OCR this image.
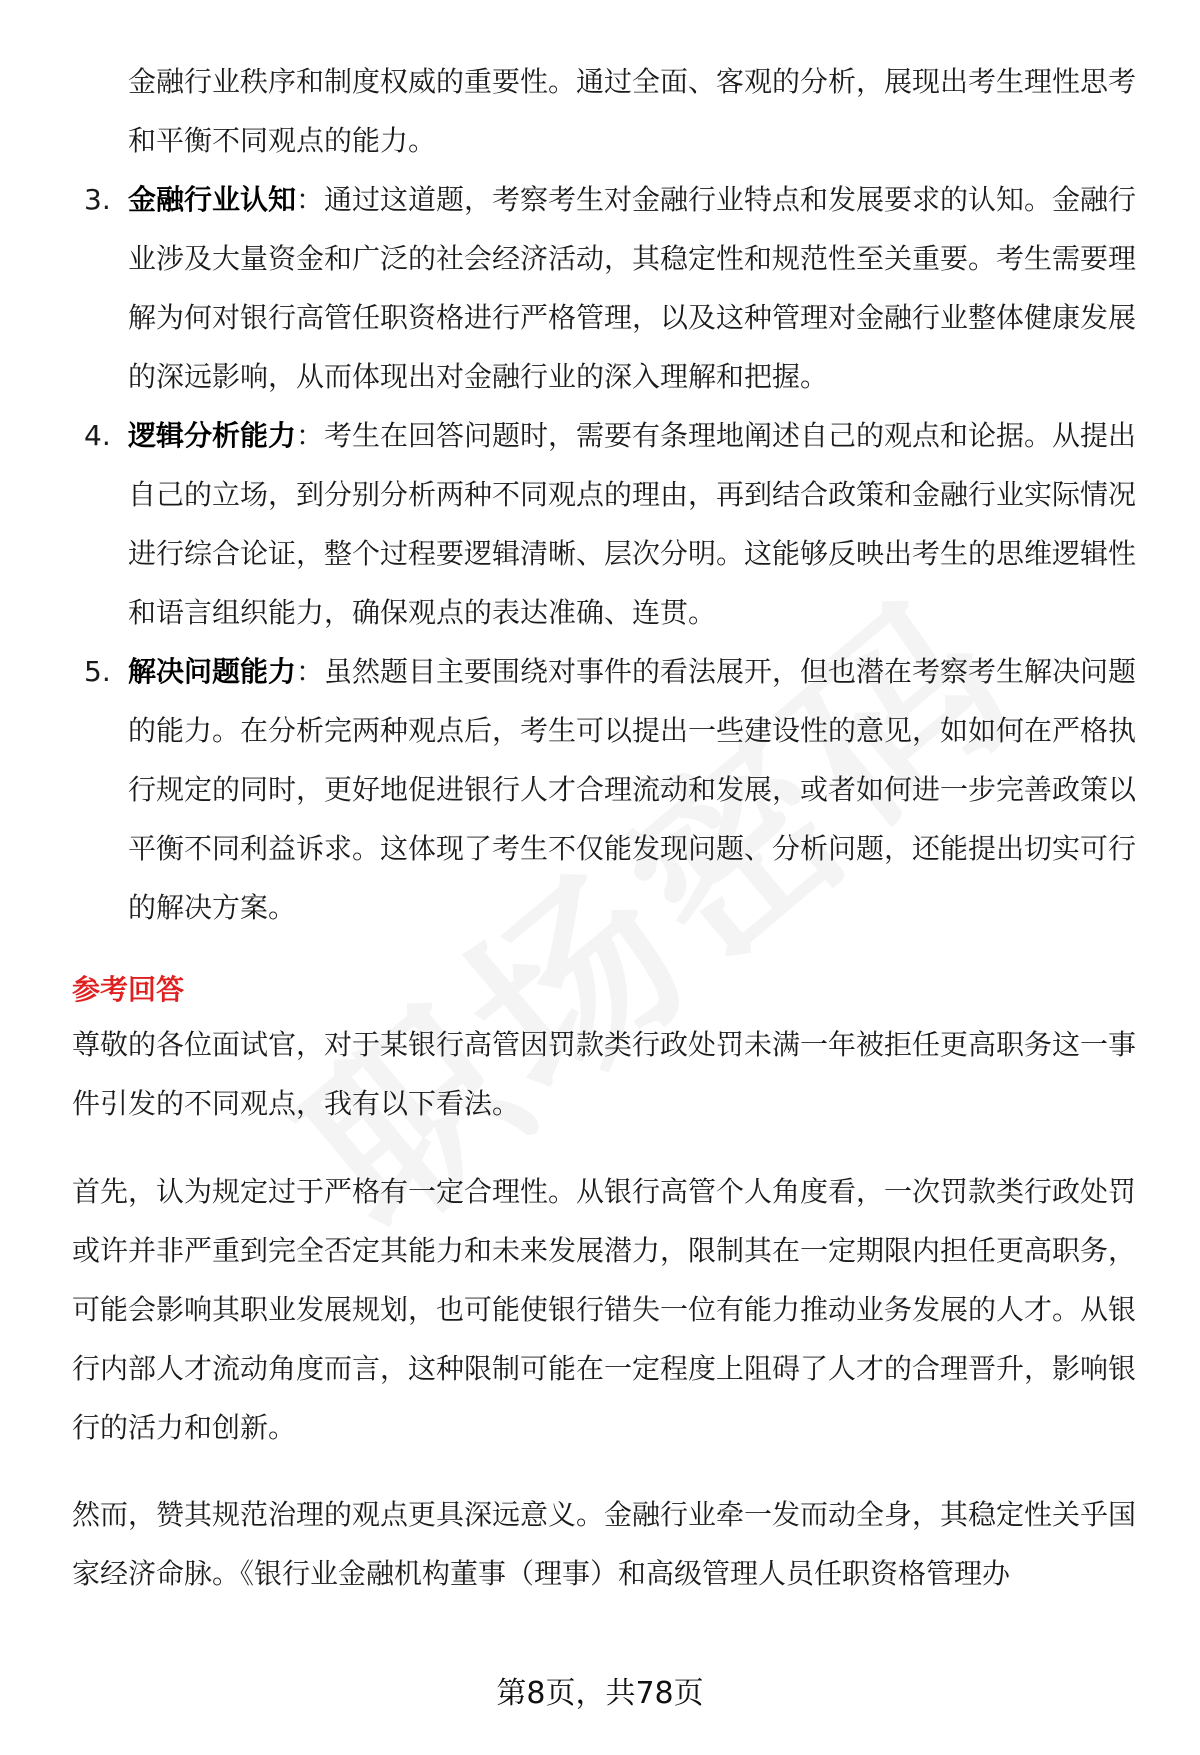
金融行业秩序和制度权威的重要性。通过全面、客观的分析，展现出考生理性思考和平衡不同观点的能力。

3. 金融行业认知：通过这道题，考察考生对金融行业特点和发展要求的认知。金融行业涉及大量资金和广泛的社会经济活动，其稳定性和规范性至关重要。考生需要理解为何对银行高管任职资格进行严格管理，以及这种管理对金融行业整体健康发展的深远影响，从而体现出对金融行业的深入理解和把握。
4. 逻辑分析能力：考生在回答问题时，需要有条理地阐述自己的观点和论据。从提出自己的立场，到分别分析两种不同观点的理由，再到结合政策和金融行业实际情况进行综合论证，整个过程要逻辑清晰、层次分明。这能够反映出考生的思维逻辑性和语言组织能力，确保观点的表达准确、连贯。
5. 解决问题能力：虽然题目主要围绕对事件的看法展开，但也潜在考察考生解决问题的能力。在分析完两种观点后，考生可以提出一些建设性的意见，如如何在严格执行规定的同时，更好地促进银行人才合理流动和发展，或者如何进一步完善政策以平衡不同利益诉求。这体现了考生不仅能发现问题、分析问题，还能提出切实可行的解决方案。
参考回答

尊敬的各位面试官，对于某银行高管因罚款类行政处罚未满一年被拒任更高职务这一事件引发的不同观点，我有以下看法。

首先，认为规定过于严格有一定合理性。从银行高管个人角度看，一次罚款类行政处罚或许并非严重到完全否定其能力和未来发展潜力，限制其在一定期限内担任更高职务，可能会影响其职业发展规划，也可能使银行错失一位有能力推动业务发展的人才。从银行内部人才流动角度而言，这种限制可能在一定程度上阻碍了人才的合理晋升，影响银行的活力和创新。

然而，赞其规范治理的观点更具深远意义。金融行业牵一发而动全身，其稳定性关乎国家经济命脉。《银行业金融机构董事（理事）和高级管理人员任职资格管理办

第8页，共78页
